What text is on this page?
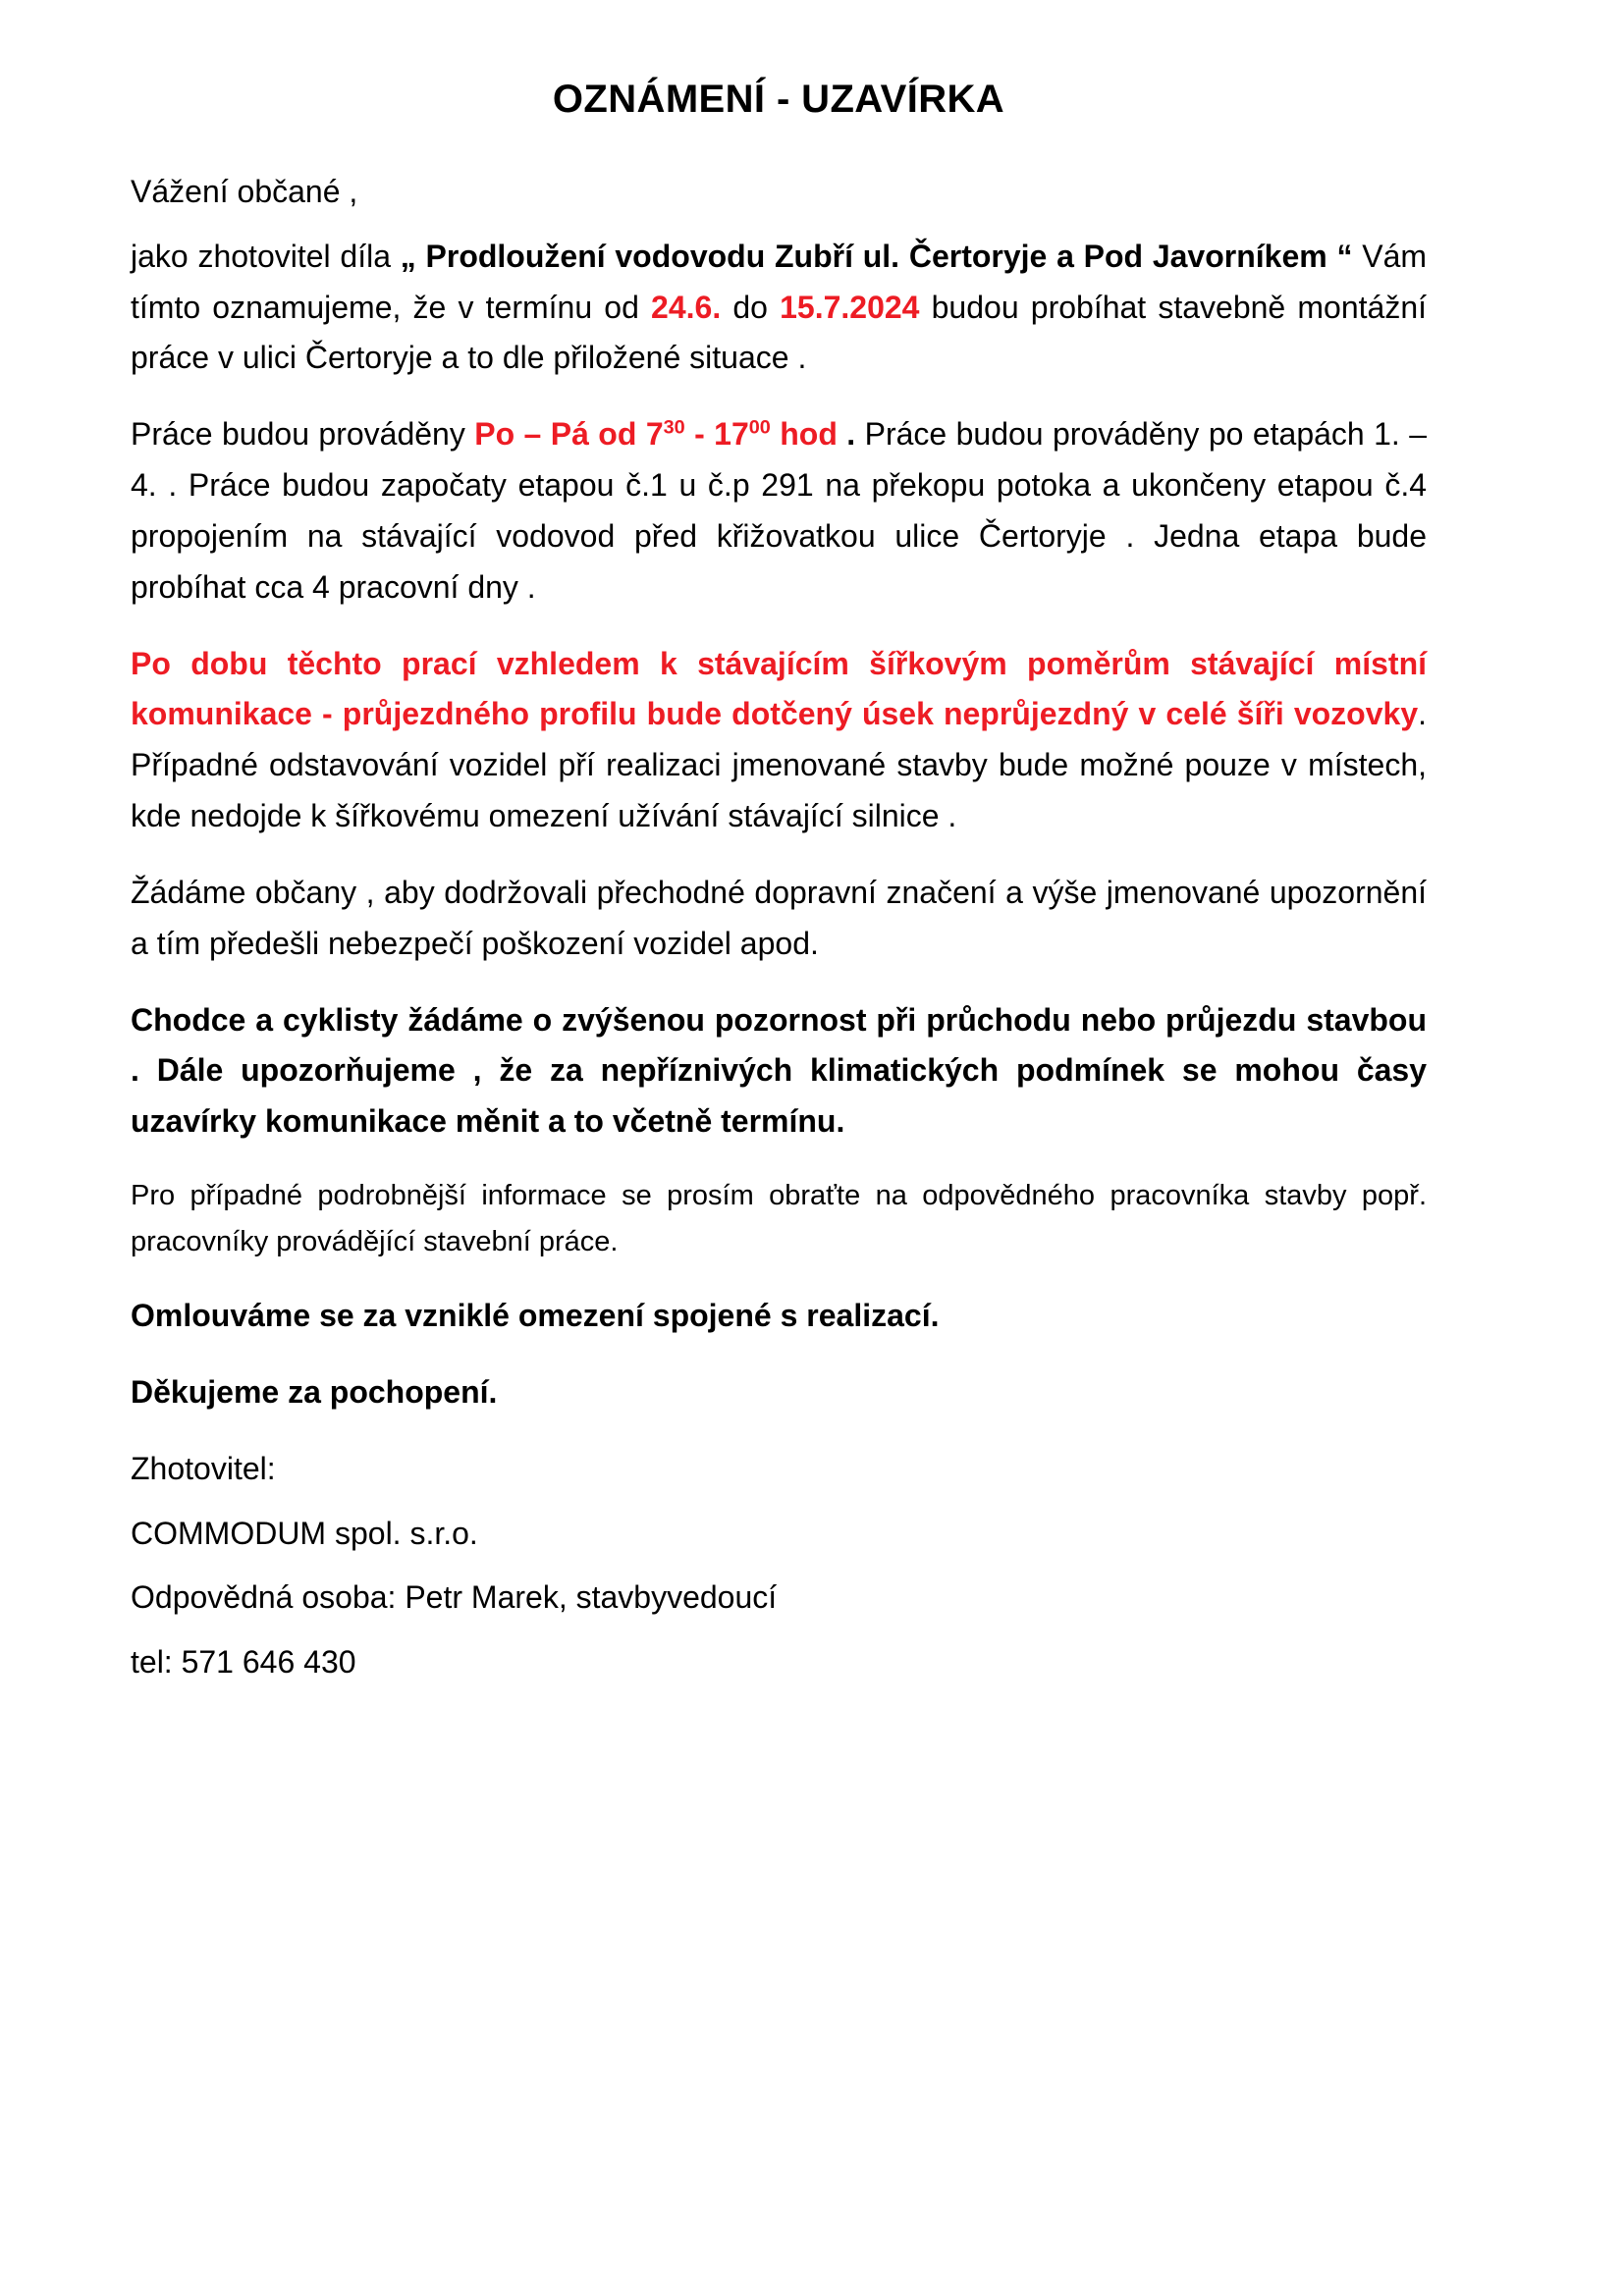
OZNÁMENÍ - UZAVÍRKA

Vážení občané ,

jako zhotovitel díla „ Prodloužení vodovodu Zubří ul. Čertoryje a Pod Javorníkem “ Vám tímto oznamujeme, že v termínu od 24.6. do 15.7.2024 budou probíhat stavebně montážní práce v ulici Čertoryje a to dle přiložené situace .

Práce budou prováděny Po – Pá od $7^{30} - 17^{00}$ hod . Práce budou prováděny po etapách 1. – 4. . Práce budou započaty etapou č.1 u č.p 291 na překopu potoka a ukončeny etapou č.4 propojením na stávající vodovod před křižovatkou ulice Čertoryje . Jedna etapa bude probíhat cca 4 pracovní dny .

Po dobu těchto prací vzhledem k stávajícím šířkovým poměrům stávající místní komunikace - průjezdného profilu bude dotčený úsek neprůjezdný v celé šíři vozovky. Případné odstavování vozidel pří realizaci jmenované stavby bude možné pouze v místech, kde nedojde k šířkovému omezení užívání stávající silnice .

Žádáme občany , aby dodržovali přechodné dopravní značení a výše jmenované upozornění a tím předešli nebezpečí poškození vozidel apod.

Chodce a cyklisty žádáme o zvýšenou pozornost při průchodu nebo průjezdu stavbou . Dále upozorňujeme , že za nepříznivých klimatických podmínek se mohou časy uzavírky komunikace měnit a to včetně termínu.

Pro případné podrobnější informace se prosím obraťte na odpovědného pracovníka stavby popř. pracovníky provádějící stavební práce.

Omlouváme se za vzniklé omezení spojené s realizací.

Děkujeme za pochopení.

Zhotovitel:

COMMODUM spol. s.r.o.

Odpovědná osoba: Petr Marek, stavbyvedoucí

tel: 571 646 430
